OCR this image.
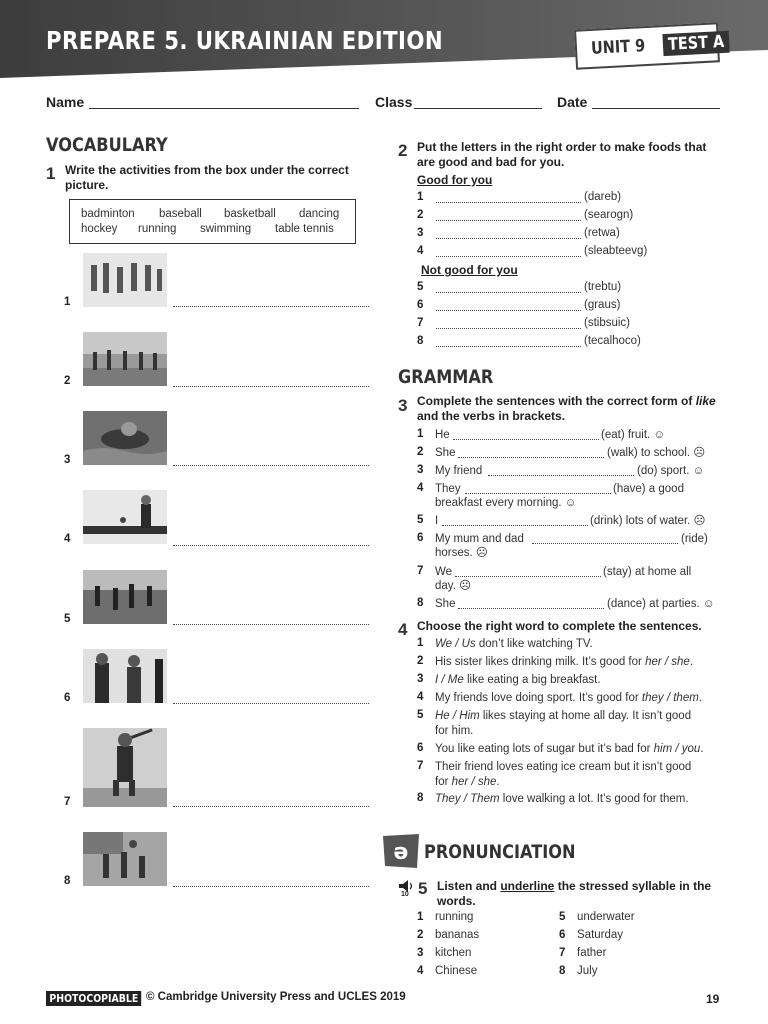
PREPARE 5. UKRAINIAN EDITION	UNIT 9	TEST A
Name	Class	Date
VOCABULARY
1 Write the activities from the box under the correct
picture.
badminton baseball basketball dancing
hockey running swimming table tennis
1
2
3
4
5
6
7
8
2 Put the letters in the right order to make foods that
are good and bad for you.
Good for you
1	(dareb)
2	(searogn)
3	(retwa)
4	(sleabteevg)
Not good for you
5	(trebtu)
6	(graus)
7	(stibsuic)
8	(tecalhoco)
GRAMMAR
3 Complete the sentences with the correct form of like
and the verbs in brackets.
1 He	(eat) fruit. ☺
2 She	(walk) to school. ☹
3 My friend	(do) sport. ☺
4 They	(have) a good
breakfast every morning. ☺
5 I	(drink) lots of water. ☹
6 My mum and dad	(ride)
horses. ☹
7 We	(stay) at home all
day. ☹
8 She	(dance) at parties. ☺
4 Choose the right word to complete the sentences.
1 We / Us don’t like watching TV.
2 His sister likes drinking milk. It’s good for her / she.
3 I / Me like eating a big breakfast.
4 My friends love doing sport. It’s good for they / them.
5 He / Him likes staying at home all day. It isn’t good
for him.
6 You like eating lots of sugar but it’s bad for him / you.
7 Their friend loves eating ice cream but it isn’t good
for her / she.
8 They / Them love walking a lot. It’s good for them.
ə PRONUNCIATION
10 5 Listen and underline the stressed syllable in the
words.
1 running
2 bananas
3 kitchen
4 Chinese
5 underwater
6 Saturday
7 father
8 July
PHOTOCOPIABLE © Cambridge University Press and UCLES 2019	19
